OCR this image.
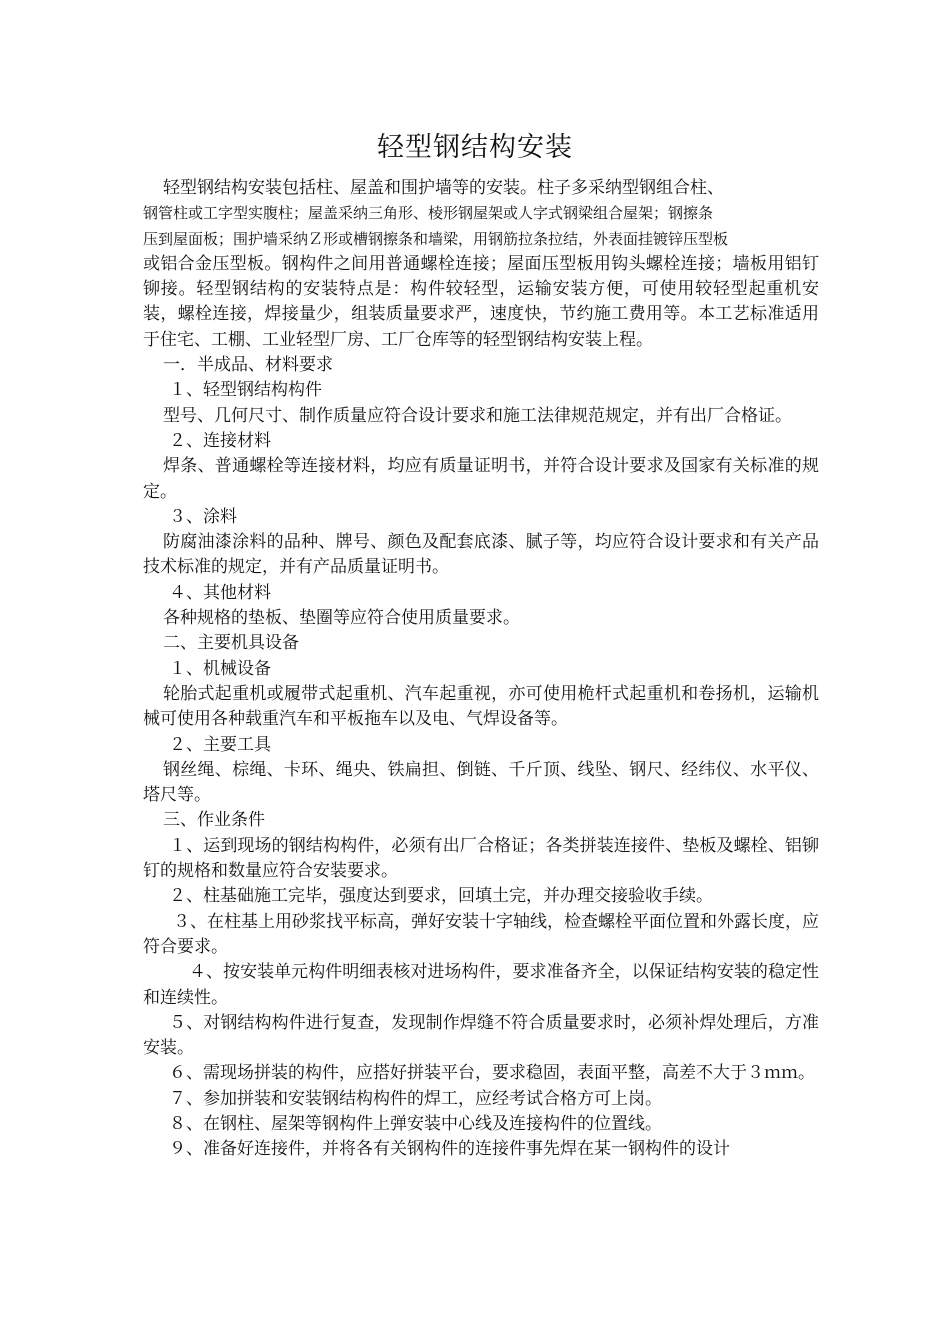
轻型钢结构安装

轻型钢结构安装包括柱、屋盖和围护墙等的安装。柱子多采纳型钢组合柱、

钢管柱或工字型实腹柱；屋盖采纳三角形、棱形钢屋架或人字式钢梁组合屋架；钢擦条

压到屋面板；围护墙采纳Ｚ形或槽钢擦条和墙梁，用钢筋拉条拉结，外表面挂镀锌压型板

或铝合金压型板。钢构件之间用普通螺栓连接；屋面压型板用钩头螺栓连接；墙板用铝钉铆接。轻型钢结构的安装特点是：构件较轻型，运输安装方便，可使用较轻型起重机安装，螺栓连接，焊接量少，组装质量要求严，速度快，节约施工费用等。本工艺标准适用于住宅、工棚、工业轻型厂房、工厂仓库等的轻型钢结构安装上程。

一．半成品、材料要求

１、轻型钢结构构件

型号、几何尺寸、制作质量应符合设计要求和施工法律规范规定，并有出厂合格证。

２、连接材料

焊条、普通螺栓等连接材料，均应有质量证明书，并符合设计要求及国家有关标准的规定。

３、涂料

防腐油漆涂料的品种、牌号、颜色及配套底漆、腻子等，均应符合设计要求和有关产品技术标准的规定，并有产品质量证明书。

４、其他材料

各种规格的垫板、垫圈等应符合使用质量要求。

二、主要机具设备

１、机械设备

轮胎式起重机或履带式起重机、汽车起重视，亦可使用桅杆式起重机和卷扬机，运输机械可使用各种载重汽车和平板拖车以及电、气焊设备等。

２、主要工具

钢丝绳、棕绳、卡环、绳央、铁扁担、倒链、千斤顶、线坠、钢尺、经纬仪、水平仪、塔尺等。

三、作业条件

１、运到现场的钢结构构件，必须有出厂合格证；各类拼装连接件、垫板及螺栓、铝铆钉的规格和数量应符合安装要求。

２、柱基础施工完毕，强度达到要求，回填土完，并办理交接验收手续。

３、在柱基上用砂浆找平标高，弹好安装十字轴线，检查螺栓平面位置和外露长度，应符合要求。

４、按安装单元构件明细表核对进场构件，要求准备齐全，以保证结构安装的稳定性和连续性。

５、对钢结构构件进行复查，发现制作焊缝不符合质量要求时，必须补焊处理后，方准安装。

６、需现场拼装的构件，应搭好拼装平台，要求稳固，表面平整，高差不大于３ｍｍ。

７、参加拼装和安装钢结构构件的焊工，应经考试合格方可上岗。

８、在钢柱、屋架等钢构件上弹安装中心线及连接构件的位置线。

９、准备好连接件，并将各有关钢构件的连接件事先焊在某一钢构件的设计
